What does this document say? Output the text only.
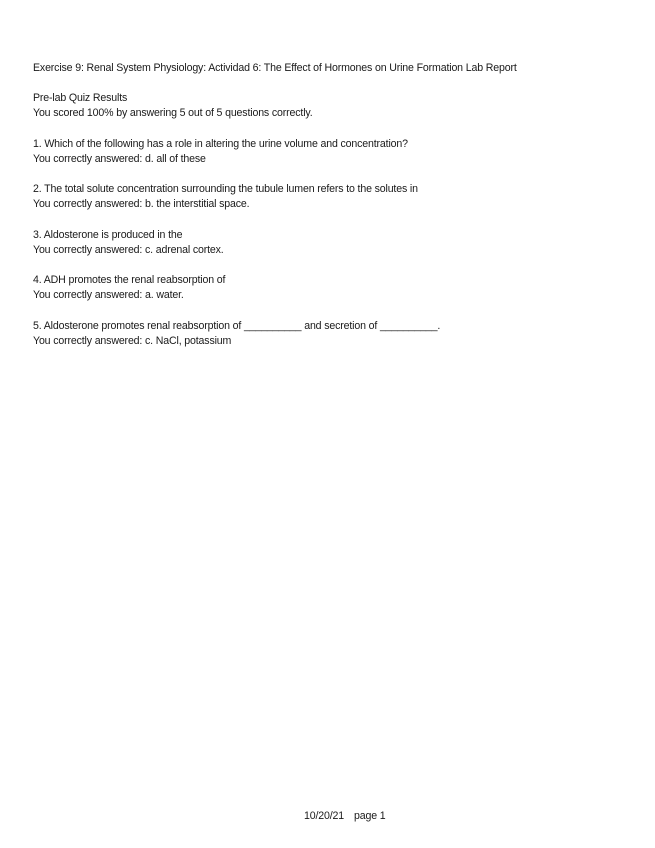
Exercise 9: Renal System Physiology: Actividad 6: The Effect of Hormones on Urine Formation Lab Report
Pre-lab Quiz Results
You scored 100% by answering 5 out of 5 questions correctly.
1. Which of the following has a role in altering the urine volume and concentration?
You correctly answered: d. all of these
2. The total solute concentration surrounding the tubule lumen refers to the solutes in
You correctly answered: b. the interstitial space.
3. Aldosterone is produced in the
You correctly answered: c. adrenal cortex.
4. ADH promotes the renal reabsorption of
You correctly answered: a. water.
5. Aldosterone promotes renal reabsorption of __________ and secretion of __________.
You correctly answered: c. NaCl, potassium
10/20/21 page 1
